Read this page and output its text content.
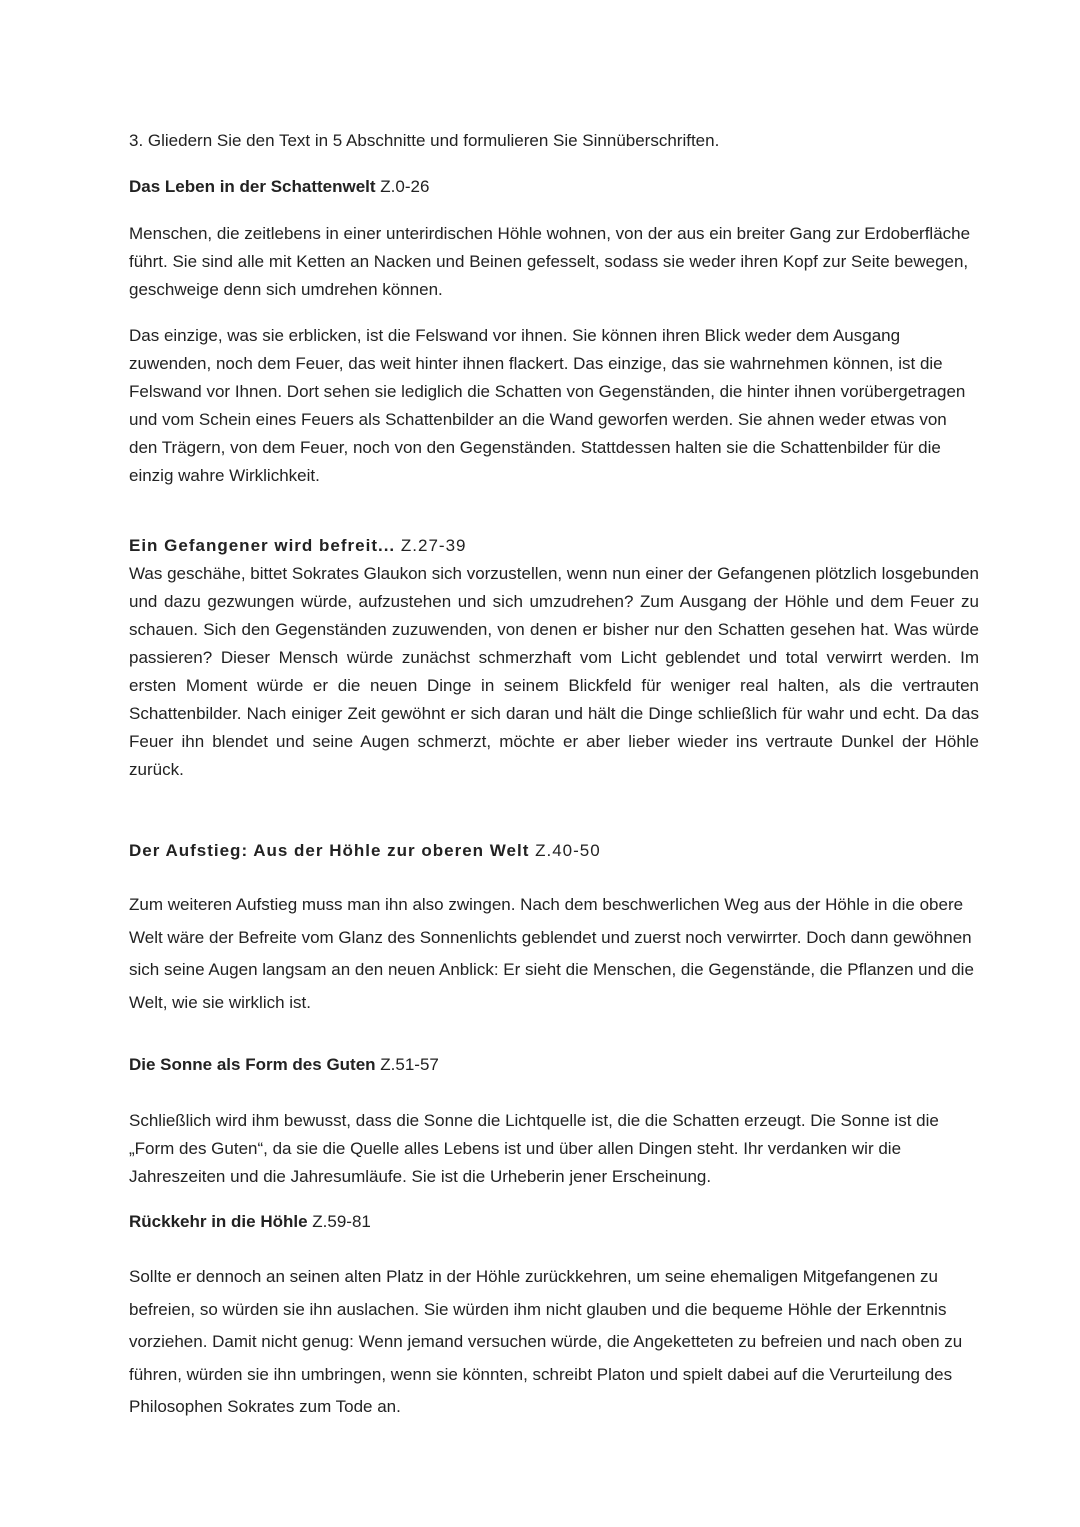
3. Gliedern Sie den Text in 5 Abschnitte und formulieren Sie Sinnüberschriften.

Das Leben in der Schattenwelt Z.0-26

Menschen, die zeitlebens in einer unterirdischen Höhle wohnen, von der aus ein breiter Gang zur Erdoberfläche führt. Sie sind alle mit Ketten an Nacken und Beinen gefesselt, sodass sie weder ihren Kopf zur Seite bewegen, geschweige denn sich umdrehen können.

Das einzige, was sie erblicken, ist die Felswand vor ihnen. Sie können ihren Blick weder dem Ausgang zuwenden, noch dem Feuer, das weit hinter ihnen flackert. Das einzige, das sie wahrnehmen können, ist die Felswand vor Ihnen. Dort sehen sie lediglich die Schatten von Gegenständen, die hinter ihnen vorübergetragen und vom Schein eines Feuers als Schattenbilder an die Wand geworfen werden. Sie ahnen weder etwas von den Trägern, von dem Feuer, noch von den Gegenständen. Stattdessen halten sie die Schattenbilder für die einzig wahre Wirklichkeit.

Ein Gefangener wird befreit... Z.27-39

Was geschähe, bittet Sokrates Glaukon sich vorzustellen, wenn nun einer der Gefangenen plötzlich losgebunden und dazu gezwungen würde, aufzustehen und sich umzudrehen? Zum Ausgang der Höhle und dem Feuer zu schauen. Sich den Gegenständen zuzuwenden, von denen er bisher nur den Schatten gesehen hat. Was würde passieren? Dieser Mensch würde zunächst schmerzhaft vom Licht geblendet und total verwirrt werden. Im ersten Moment würde er die neuen Dinge in seinem Blickfeld für weniger real halten, als die vertrauten Schattenbilder. Nach einiger Zeit gewöhnt er sich daran und hält die Dinge schließlich für wahr und echt. Da das Feuer ihn blendet und seine Augen schmerzt, möchte er aber lieber wieder ins vertraute Dunkel der Höhle zurück.

Der Aufstieg: Aus der Höhle zur oberen Welt Z.40-50

Zum weiteren Aufstieg muss man ihn also zwingen. Nach dem beschwerlichen Weg aus der Höhle in die obere Welt wäre der Befreite vom Glanz des Sonnenlichts geblendet und zuerst noch verwirrter. Doch dann gewöhnen sich seine Augen langsam an den neuen Anblick: Er sieht die Menschen, die Gegenstände, die Pflanzen und die Welt, wie sie wirklich ist.

Die Sonne als Form des Guten Z.51-57

Schließlich wird ihm bewusst, dass die Sonne die Lichtquelle ist, die die Schatten erzeugt. Die Sonne ist die „Form des Guten“, da sie die Quelle alles Lebens ist und über allen Dingen steht. Ihr verdanken wir die Jahreszeiten und die Jahresumläufe. Sie ist die Urheberin jener Erscheinung.

Rückkehr in die Höhle Z.59-81

Sollte er dennoch an seinen alten Platz in der Höhle zurückkehren, um seine ehemaligen Mitgefangenen zu befreien, so würden sie ihn auslachen. Sie würden ihm nicht glauben und die bequeme Höhle der Erkenntnis vorziehen. Damit nicht genug: Wenn jemand versuchen würde, die Angeketteten zu befreien und nach oben zu führen, würden sie ihn umbringen, wenn sie könnten, schreibt Platon und spielt dabei auf die Verurteilung des Philosophen Sokrates zum Tode an.
